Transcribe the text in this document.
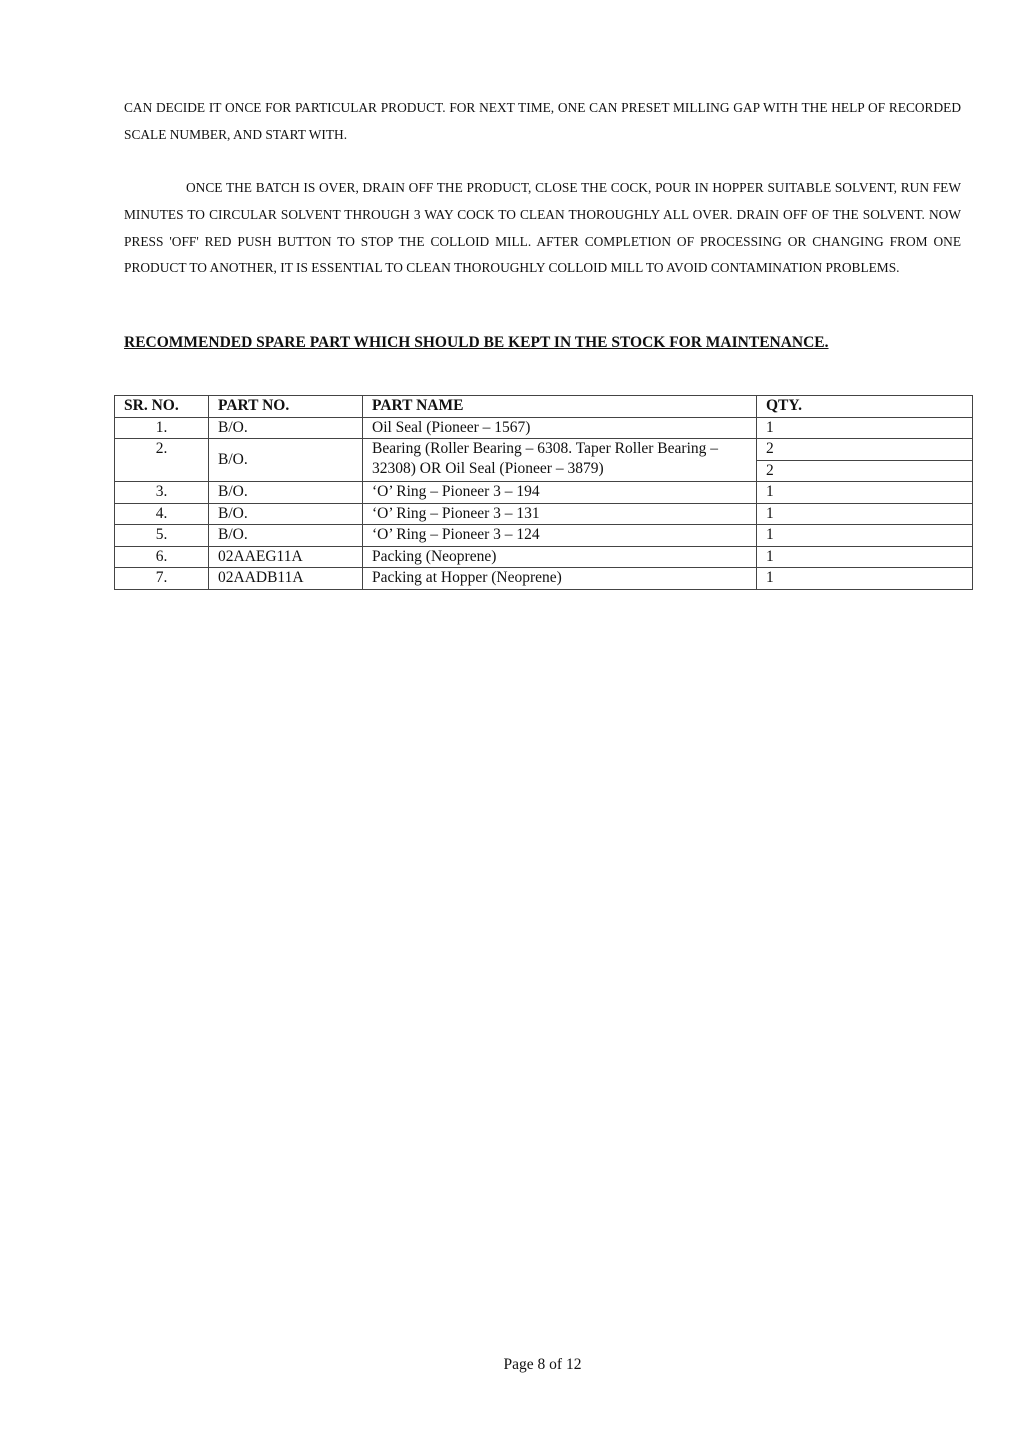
CAN DECIDE IT ONCE FOR PARTICULAR PRODUCT. FOR NEXT TIME, ONE CAN PRESET MILLING GAP WITH THE HELP OF RECORDED SCALE NUMBER, AND START WITH.

ONCE THE BATCH IS OVER, DRAIN OFF THE PRODUCT, CLOSE THE COCK, POUR IN HOPPER SUITABLE SOLVENT, RUN FEW MINUTES TO CIRCULAR SOLVENT THROUGH 3 WAY COCK TO CLEAN THOROUGHLY ALL OVER. DRAIN OFF OF THE SOLVENT. NOW PRESS 'OFF' RED PUSH BUTTON TO STOP THE COLLOID MILL. AFTER COMPLETION OF PROCESSING OR CHANGING FROM ONE PRODUCT TO ANOTHER, IT IS ESSENTIAL TO CLEAN THOROUGHLY COLLOID MILL TO AVOID CONTAMINATION PROBLEMS.

RECOMMENDED SPARE PART WHICH SHOULD BE KEPT IN THE STOCK FOR MAINTENANCE.
SR. NO.	PART NO.	PART NAME	QTY.
1.	B/O.	Oil Seal (Pioneer – 1567)	1
2.	B/O.	Bearing (Roller Bearing – 6308. Taper Roller Bearing – 32308) OR Oil Seal (Pioneer – 3879)	2
			2
3.	B/O.	‘O’ Ring – Pioneer 3 – 194	1
4.	B/O.	‘O’ Ring – Pioneer 3 – 131	1
5.	B/O.	‘O’ Ring – Pioneer 3 – 124	1
6.	02AAEG11A	Packing (Neoprene)	1
7.	02AADB11A	Packing at Hopper (Neoprene)	1
Page 8 of 12
